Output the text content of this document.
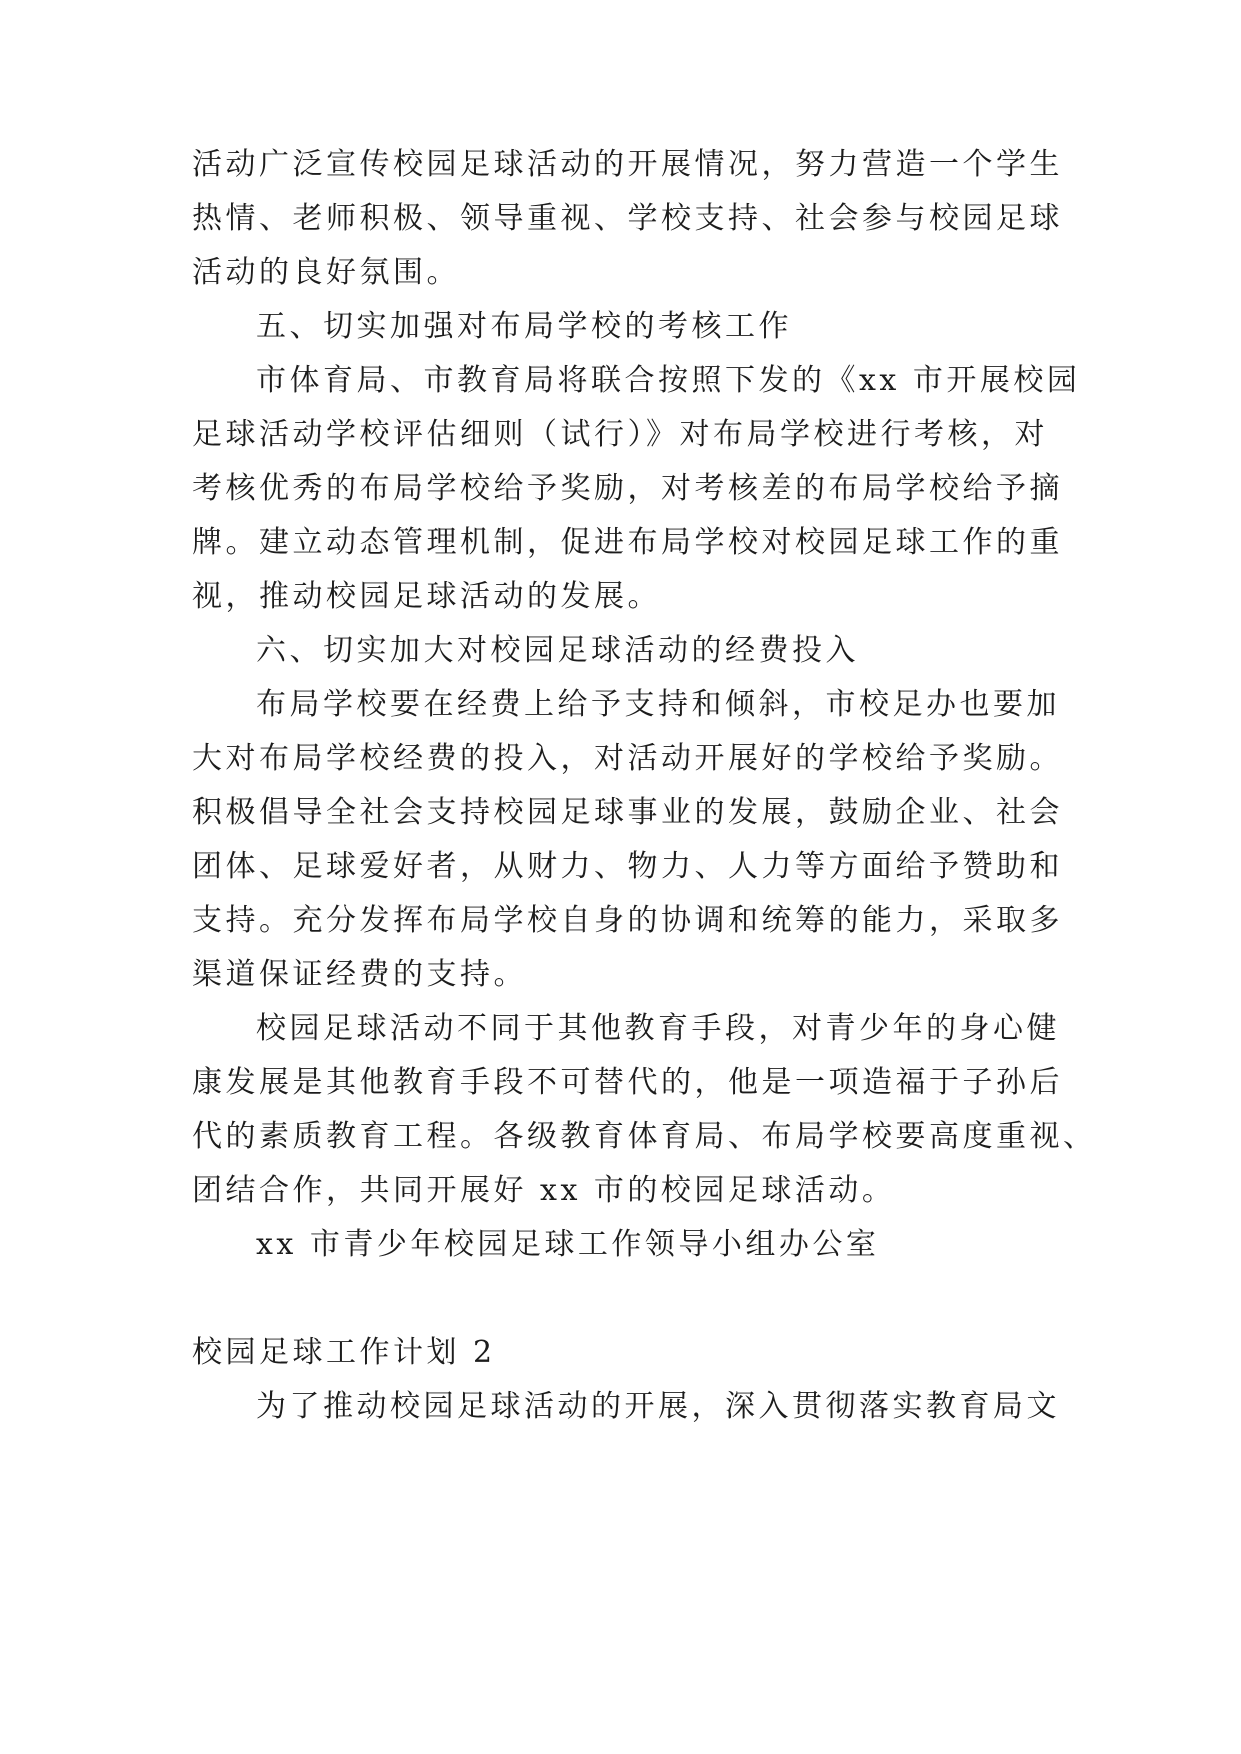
活动广泛宣传校园足球活动的开展情况，努力营造一个学生
热情、老师积极、领导重视、学校支持、社会参与校园足球
活动的良好氛围。
五、切实加强对布局学校的考核工作
市体育局、市教育局将联合按照下发的《xx 市开展校园
足球活动学校评估细则（试行）》对布局学校进行考核，对
考核优秀的布局学校给予奖励，对考核差的布局学校给予摘
牌。建立动态管理机制，促进布局学校对校园足球工作的重
视，推动校园足球活动的发展。
六、切实加大对校园足球活动的经费投入
布局学校要在经费上给予支持和倾斜，市校足办也要加
大对布局学校经费的投入，对活动开展好的学校给予奖励。
积极倡导全社会支持校园足球事业的发展，鼓励企业、社会
团体、足球爱好者，从财力、物力、人力等方面给予赞助和
支持。充分发挥布局学校自身的协调和统筹的能力，采取多
渠道保证经费的支持。
校园足球活动不同于其他教育手段，对青少年的身心健
康发展是其他教育手段不可替代的，他是一项造福于子孙后
代的素质教育工程。各级教育体育局、布局学校要高度重视、
团结合作，共同开展好 xx 市的校园足球活动。
xx 市青少年校园足球工作领导小组办公室
校园足球工作计划 2
为了推动校园足球活动的开展，深入贯彻落实教育局文
